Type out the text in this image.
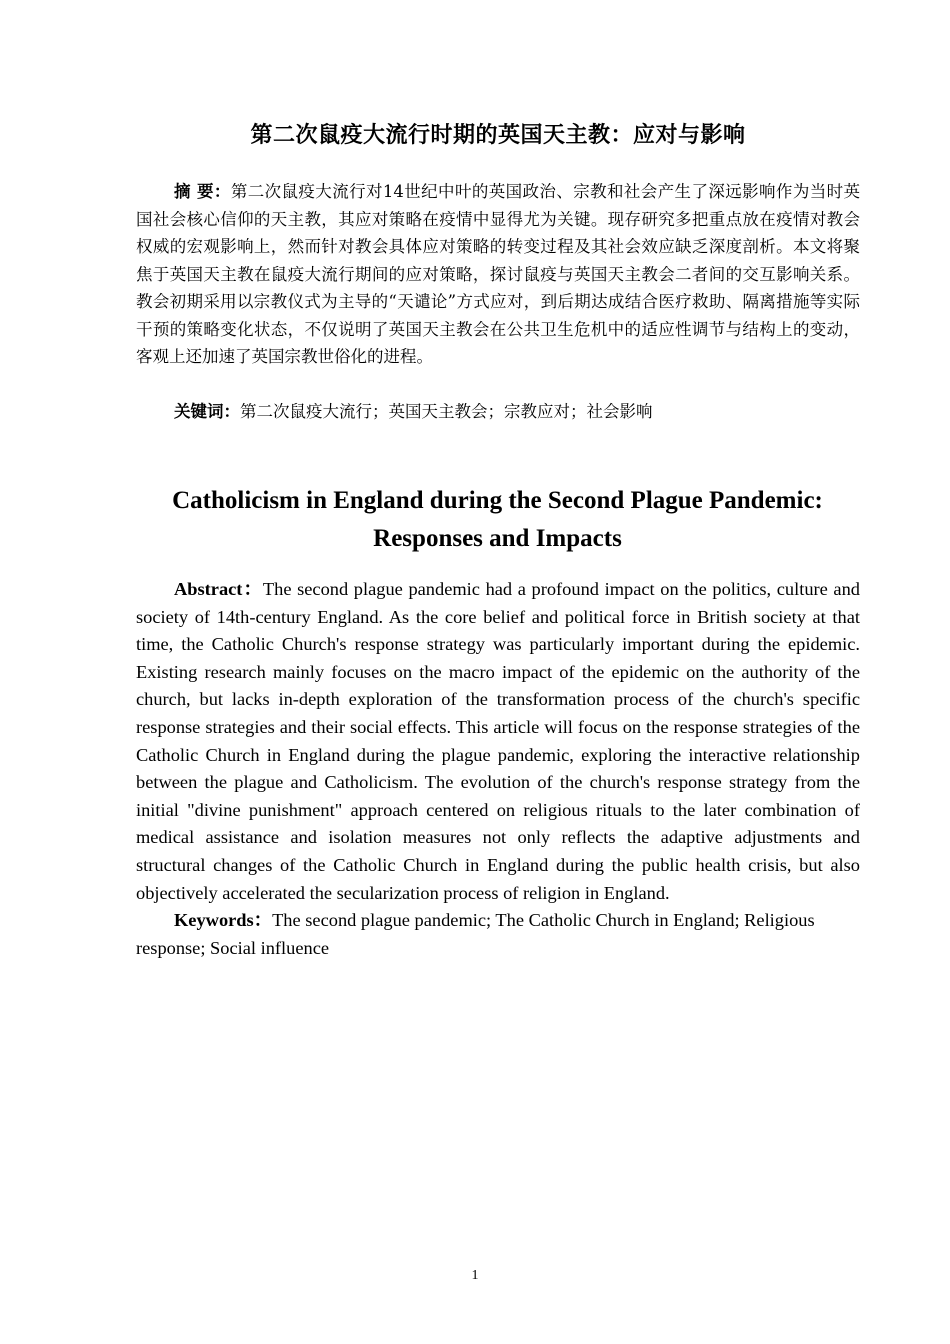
第二次鼠疫大流行时期的英国天主教：应对与影响

摘 要：第二次鼠疫大流行对14世纪中叶的英国政治、宗教和社会产生了深远影响作为当时英国社会核心信仰的天主教，其应对策略在疫情中显得尤为关键。现存研究多把重点放在疫情对教会权威的宏观影响上，然而针对教会具体应对策略的转变过程及其社会效应缺乏深度剖析。本文将聚焦于英国天主教在鼠疫大流行期间的应对策略，探讨鼠疫与英国天主教会二者间的交互影响关系。教会初期采用以宗教仪式为主导的“天谴论”方式应对，到后期达成结合医疗救助、隔离措施等实际干预的策略变化状态，不仅说明了英国天主教会在公共卫生危机中的适应性调节与结构上的变动，客观上还加速了英国宗教世俗化的进程。

关键词：第二次鼠疫大流行；英国天主教会；宗教应对；社会影响

Catholicism in England during the Second Plague Pandemic:
Responses and Impacts

Abstract：The second plague pandemic had a profound impact on the politics, culture and society of 14th-century England. As the core belief and political force in British society at that time, the Catholic Church's response strategy was particularly important during the epidemic. Existing research mainly focuses on the macro impact of the epidemic on the authority of the church, but lacks in-depth exploration of the transformation process of the church's specific response strategies and their social effects. This article will focus on the response strategies of the Catholic Church in England during the plague pandemic, exploring the interactive relationship between the plague and Catholicism. The evolution of the church's response strategy from the initial "divine punishment" approach centered on religious rituals to the later combination of medical assistance and isolation measures not only reflects the adaptive adjustments and structural changes of the Catholic Church in England during the public health crisis, but also objectively accelerated the secularization process of religion in England.

Keywords：The second plague pandemic; The Catholic Church in England; Religious response; Social influence

1
